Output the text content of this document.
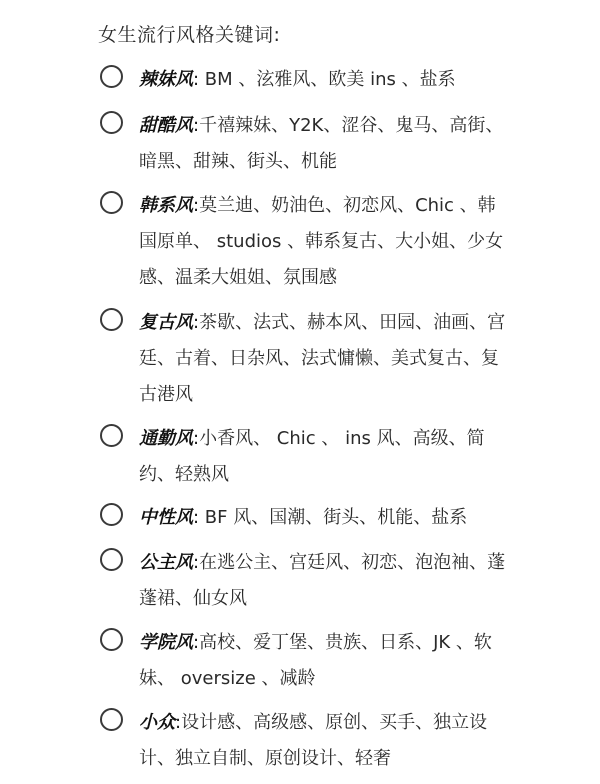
女生流行风格关键词:
辣妹风: BM 、泫雅风、欧美 ins 、盐系
甜酷风:千禧辣妹、Y2K、涩谷、鬼马、高街、暗黑、甜辣、街头、机能
韩系风:莫兰迪、奶油色、初恋风、Chic 、韩国原单、 studios 、韩系复古、大小姐、少女感、温柔大姐姐、氛围感
复古风:茶歇、法式、赫本风、田园、油画、宫廷、古着、日杂风、法式慵懒、美式复古、复古港风
通勤风:小香风、 Chic 、 ins 风、高级、简约、轻熟风
中性风: BF 风、国潮、街头、机能、盐系
公主风:在逃公主、宫廷风、初恋、泡泡袖、蓬蓬裙、仙女风
学院风:高校、爱丁堡、贵族、日系、JK 、软妹、 oversize 、减龄
小众:设计感、高级感、原创、买手、独立设计、独立自制、原创设计、轻奢
